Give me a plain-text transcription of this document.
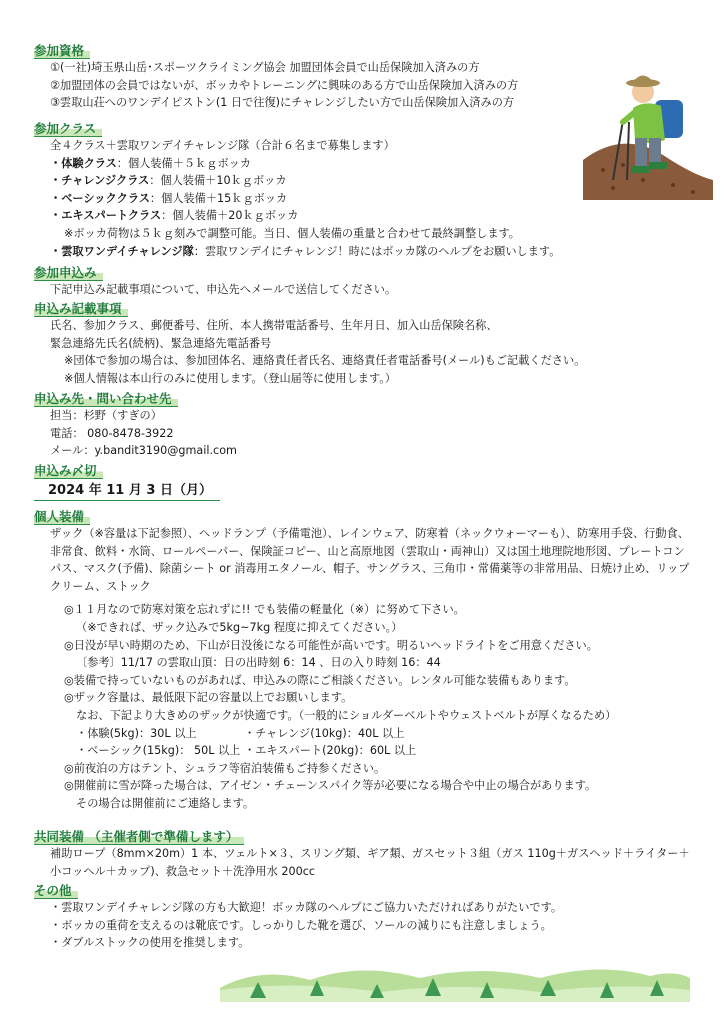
参加資格
①(一社)埼玉県山岳･スポーツクライミング協会 加盟団体会員で山岳保険加入済みの方
②加盟団体の会員ではないが、ボッカやトレーニングに興味のある方で山岳保険加入済みの方
③雲取山荘へのワンデイピストン(1 日で往復)にチャレンジしたい方で山岳保険加入済みの方
参加クラス
全４クラス＋雲取ワンデイチャレンジ隊（合計６名まで募集します）
・体験クラス：個人装備＋５ｋｇボッカ
・チャレンジクラス：個人装備＋10ｋｇボッカ
・ベーシッククラス：個人装備＋15ｋｇボッカ
・エキスパートクラス：個人装備＋20ｋｇボッカ
※ボッカ荷物は５ｋｇ刻みで調整可能。当日、個人装備の重量と合わせて最終調整します。
・雲取ワンデイチャレンジ隊：雲取ワンデイにチャレンジ！時にはボッカ隊のヘルプをお願いします。
参加申込み
下記申込み記載事項について、申込先へメールで送信してください。
申込み記載事項
氏名、参加クラス、郵便番号、住所、本人携帯電話番号、生年月日、加入山岳保険名称、
緊急連絡先氏名(続柄)、緊急連絡先電話番号
※団体で参加の場合は、参加団体名、連絡責任者氏名、連絡責任者電話番号(メール)もご記載ください。
※個人情報は本山行のみに使用します。（登山届等に使用します。）
申込み先・問い合わせ先
担当：杉野（すぎの）
電話： 080-8478-3922
メール：y.bandit3190@gmail.com
申込み〆切
2024 年 11 月 3 日（月）
個人装備
ザック（※容量は下記参照）、ヘッドランプ（予備電池）、レインウェア、防寒着（ネックウォーマーも）、防寒用手袋、行動食、非常食、飲料・水筒、ロールペーパー、保険証コピー、山と高原地図（雲取山・両神山）又は国土地理院地形図、プレートコンパス、マスク(予備)、除菌シート or 消毒用エタノール、帽子、サングラス、三角巾・常備薬等の非常用品、日焼け止め、リップクリーム、ストック
◎１１月なので防寒対策を忘れずに!! でも装備の軽量化（※）に努めて下さい。
（※できれば、ザック込みで5kg~7kg 程度に抑えてください。）
◎日没が早い時期のため、下山が日没後になる可能性が高いです。明るいヘッドライトをご用意ください。
〔参考〕11/17 の雲取山頂：日の出時刻 6：14 、日の入り時刻 16：44
◎装備で持っていないものがあれば、申込みの際にご相談ください。レンタル可能な装備もあります。
◎ザック容量は、最低限下記の容量以上でお願いします。
なお、下記より大きめのザックが快適です。（一般的にショルダーベルトやウェストベルトが厚くなるため）
・体験(5kg)：30L 以上	・チャレンジ(10kg)：40L 以上
・ベーシック(15kg)： 50L 以上 ・エキスパート(20kg)：60L 以上
◎前夜泊の方はテント、シュラフ等宿泊装備もご持参ください。
◎開催前に雪が降った場合は、アイゼン・チェーンスパイク等が必要になる場合や中止の場合があります。
その場合は開催前にご連絡します。
共同装備 （主催者側で準備します）
補助ロープ（8mm×20m）1 本、ツェルト×３、スリング類、ギア類、ガスセット３組（ガス 110g＋ガスヘッド＋ライター＋小コッヘル＋カップ)、救急セット＋洗浄用水 200cc
その他
・雲取ワンデイチャレンジ隊の方も大歓迎！ボッカ隊のヘルプにご協力いただければありがたいです。
・ボッカの重荷を支えるのは靴底です。しっかりした靴を選び、ソールの減りにも注意しましょう。
・ダブルストックの使用を推奨します。
